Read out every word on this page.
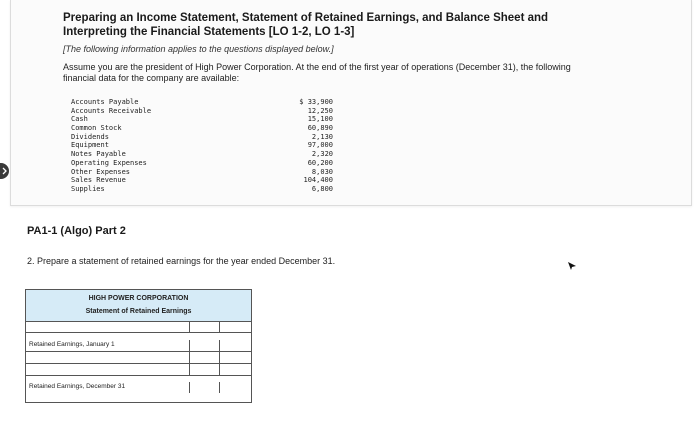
Preparing an Income Statement, Statement of Retained Earnings, and Balance Sheet and Interpreting the Financial Statements [LO 1-2, LO 1-3]
[The following information applies to the questions displayed below.]
Assume you are the president of High Power Corporation. At the end of the first year of operations (December 31), the following financial data for the company are available:
Accounts Payable	$ 33,900
Accounts Receivable	12,250
Cash	15,100
Common Stock	60,890
Dividends	2,130
Equipment	97,000
Notes Payable	2,320
Operating Expenses	60,200
Other Expenses	8,030
Sales Revenue	104,400
Supplies	6,800
PA1-1 (Algo) Part 2
2. Prepare a statement of retained earnings for the year ended December 31.
HIGH POWER CORPORATION
Statement of Retained Earnings
Retained Earnings, January 1
Retained Earnings, December 31
